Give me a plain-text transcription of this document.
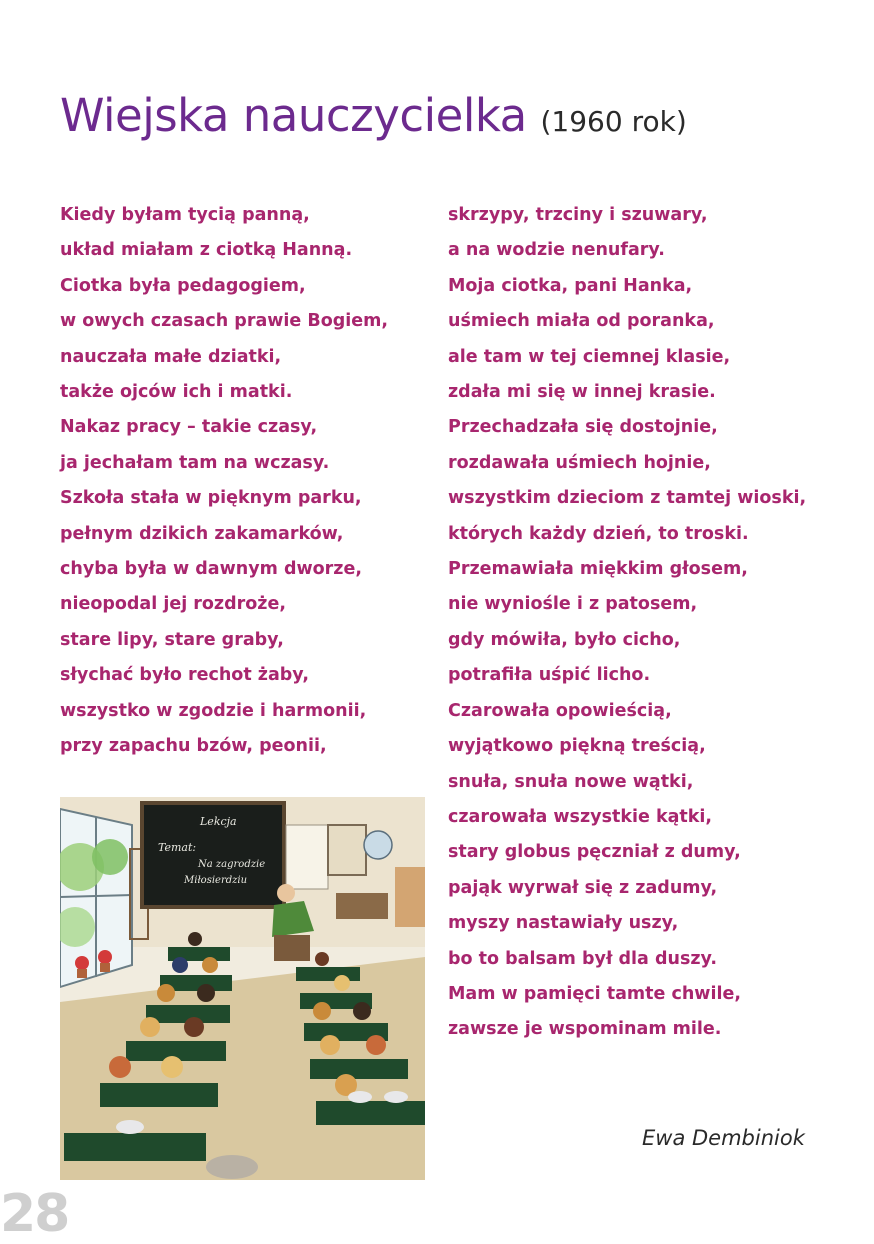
Wiejska nauczycielka (1960 rok)
Kiedy byłam tycią panną,
układ miałam z ciotką Hanną.
Ciotka była pedagogiem,
w owych czasach prawie Bogiem,
nauczała małe dziatki,
także ojców ich i matki.
Nakaz pracy – takie czasy,
ja jechałam tam na wczasy.
Szkoła stała w pięknym parku,
pełnym dzikich zakamarków,
chyba była w dawnym dworze,
nieopodal jej rozdroże,
stare lipy, stare graby,
słychać było rechot żaby,
wszystko w zgodzie i harmonii,
przy zapachu bzów, peonii,
skrzypy, trzciny i szuwary,
a na wodzie nenufary.
Moja ciotka, pani Hanka,
uśmiech miała od poranka,
ale tam w tej ciemnej klasie,
zdała mi się w innej krasie.
Przechadzała się dostojnie,
rozdawała uśmiech hojnie,
wszystkim dzieciom z tamtej wioski,
których każdy dzień, to troski.
Przemawiała miękkim głosem,
nie wyniośle i z patosem,
gdy mówiła, było cicho,
potrafiła uśpić licho.
Czarowała opowieścią,
wyjątkowo piękną treścią,
snuła, snuła nowe wątki,
czarowała wszystkie kątki,
stary globus pęczniał z dumy,
pająk wyrwał się z zadumy,
myszy nastawiały uszy,
bo to balsam był dla duszy.
Mam w pamięci tamte chwile,
zawsze je wspominam mile.
Lekcja
Temat:
Na zagrodzie
Miłosierdziu
Ewa Dembiniok
28
